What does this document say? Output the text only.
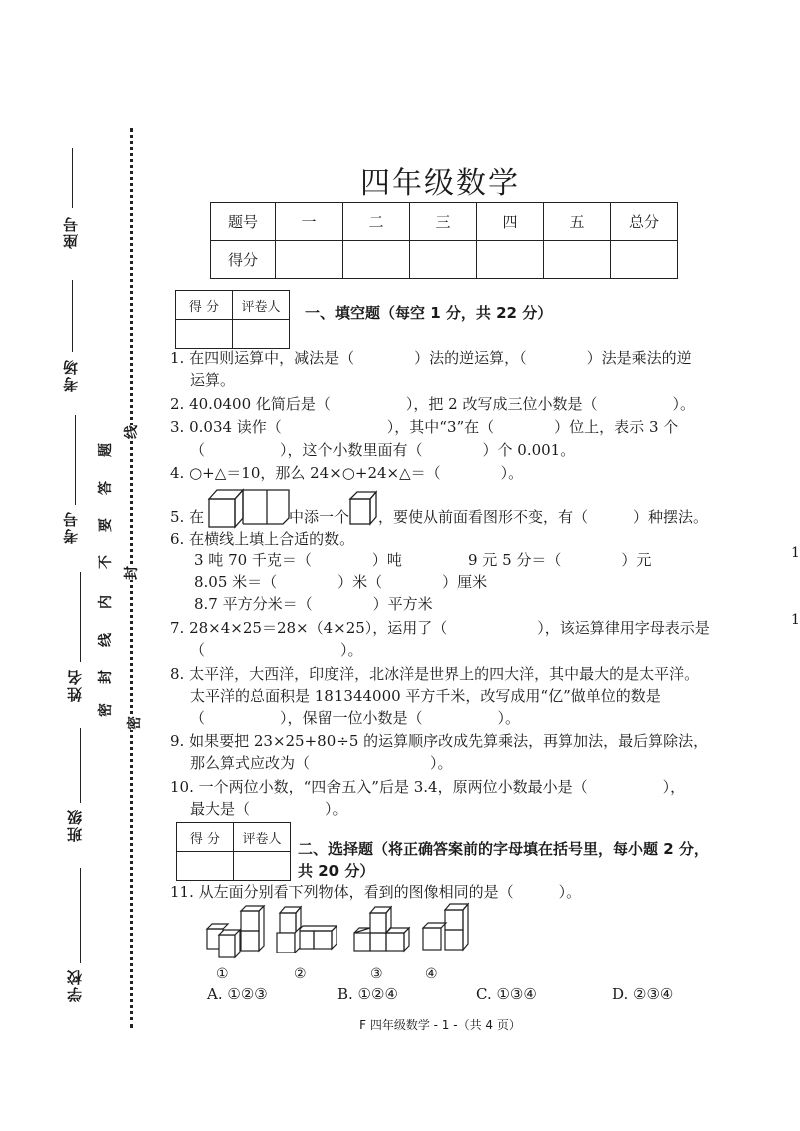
座号
考场
考号
姓名
班级
学校
密
封
线
内
不
要
答
题
线
封
密
1
1
四年级数学
题号	一	二	三	四	五	总分
得分						
得 分	评卷人
	一、填空题（每空 1 分，共 22 分）
1. 在四则运算中，减法是（　　　　）法的逆运算，（　　　　）法是乘法的逆
运算。
2. 40.0400 化简后是（　　　　　），把 2 改写成三位小数是（　　　　　）。
3. 0.034 读作（　　　　　　　），其中“3”在（　　　　）位上，表示 3 个
（　　　　　），这个小数里面有（　　　　）个 0.001。
4. ○+△＝10，那么 24×○+24×△＝（　　　　）。
5. 在	中添一个 ，要使从前面看图形不变，有（　　　）种摆法。
6. 在横线上填上合适的数。
3 吨 70 千克＝（　　　　）吨	9 元 5 分＝（　　　　）元
8.05 米＝（　　　　）米（　　　　）厘米
8.7 平方分米＝（　　　　）平方米
7. 28×4×25＝28×（4×25），运用了（　　　　　　），该运算律用字母表示是
（　　　　　　　　　）。
8. 太平洋，大西洋，印度洋，北冰洋是世界上的四大洋，其中最大的是太平洋。
太平洋的总面积是 181344000 平方千米，改写成用“亿”做单位的数是
（　　　　　），保留一位小数是（　　　　　）。
9. 如果要把 23×25+80÷5 的运算顺序改成先算乘法，再算加法，最后算除法，
那么算式应改为（　　　　　　　　）。
10. 一个两位小数，“四舍五入”后是 3.4，原两位小数最小是（　　　　　），
最大是（　　　　　）。
得 分	评卷人

二、选择题（将正确答案前的字母填在括号里，每小题 2 分，
共 20 分）
11. 从左面分别看下列物体，看到的图像相同的是（　　　）。
①	②	③	④
A. ①②③	B. ①②④	C. ①③④	D. ②③④
F 四年级数学 - 1 -（共 4 页）
